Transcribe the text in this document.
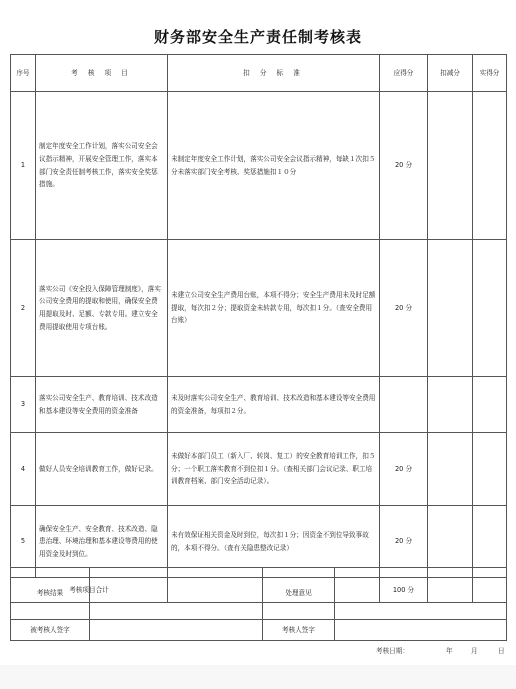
财务部安全生产责任制考核表
序号	考 核 项 目	扣 分 标 准	应得分	扣减分	实得分
1	制定年度安全工作计划，落实公司安全会议指示精神，开展安全管理工作，落实本部门安全责任制考核工作，落实安全奖惩措施。	未制定年度安全工作计划，落实公司安全会议指示精神，每缺１次扣５分未落实部门安全考核、奖惩措施扣１０分	20 分		
2	落实公司《安全投入保障管理制度》，落实公司安全费用的提取和使用，确保安全费用提取及时、足额、专款专用。建立安全费用提取使用专项台账。	未建立公司安全生产费用台账，本项不得分；安全生产费用未及时足额提取，每次扣２分；提取资金未转款专用，每次扣１分。（查安全费用台账）	20 分		
3	落实公司安全生产、教育培训、技术改造和基本建设等安全费用的资金准备	未及时落实公司安全生产、教育培训、技术改造和基本建设等安全费用的资金准备，每项扣２分。			
4	做好人员安全培训教育工作，做好记录。	未做好本部门员工（新入厂、转岗、复工）的安全教育培训工作，扣５分；一个职工落实教育不到位扣１分。（查相关部门会议记录、职工培训教育档案、部门安全活动记录）。	20 分		
5	确保安全生产、安全教育、技术改造、隐患治理、环境治理和基本建设等费用的使用资金及时到位。	未有效保证相关资金及时到位，每次扣１分；因资金不到位导致事故的，本项不得分。（查有关隐患整改记录）	20 分		
考核项目合计			100 分		
考核结果		处理意见	
被考核人签字		考核人签字	
考核日期：	年	月	日
